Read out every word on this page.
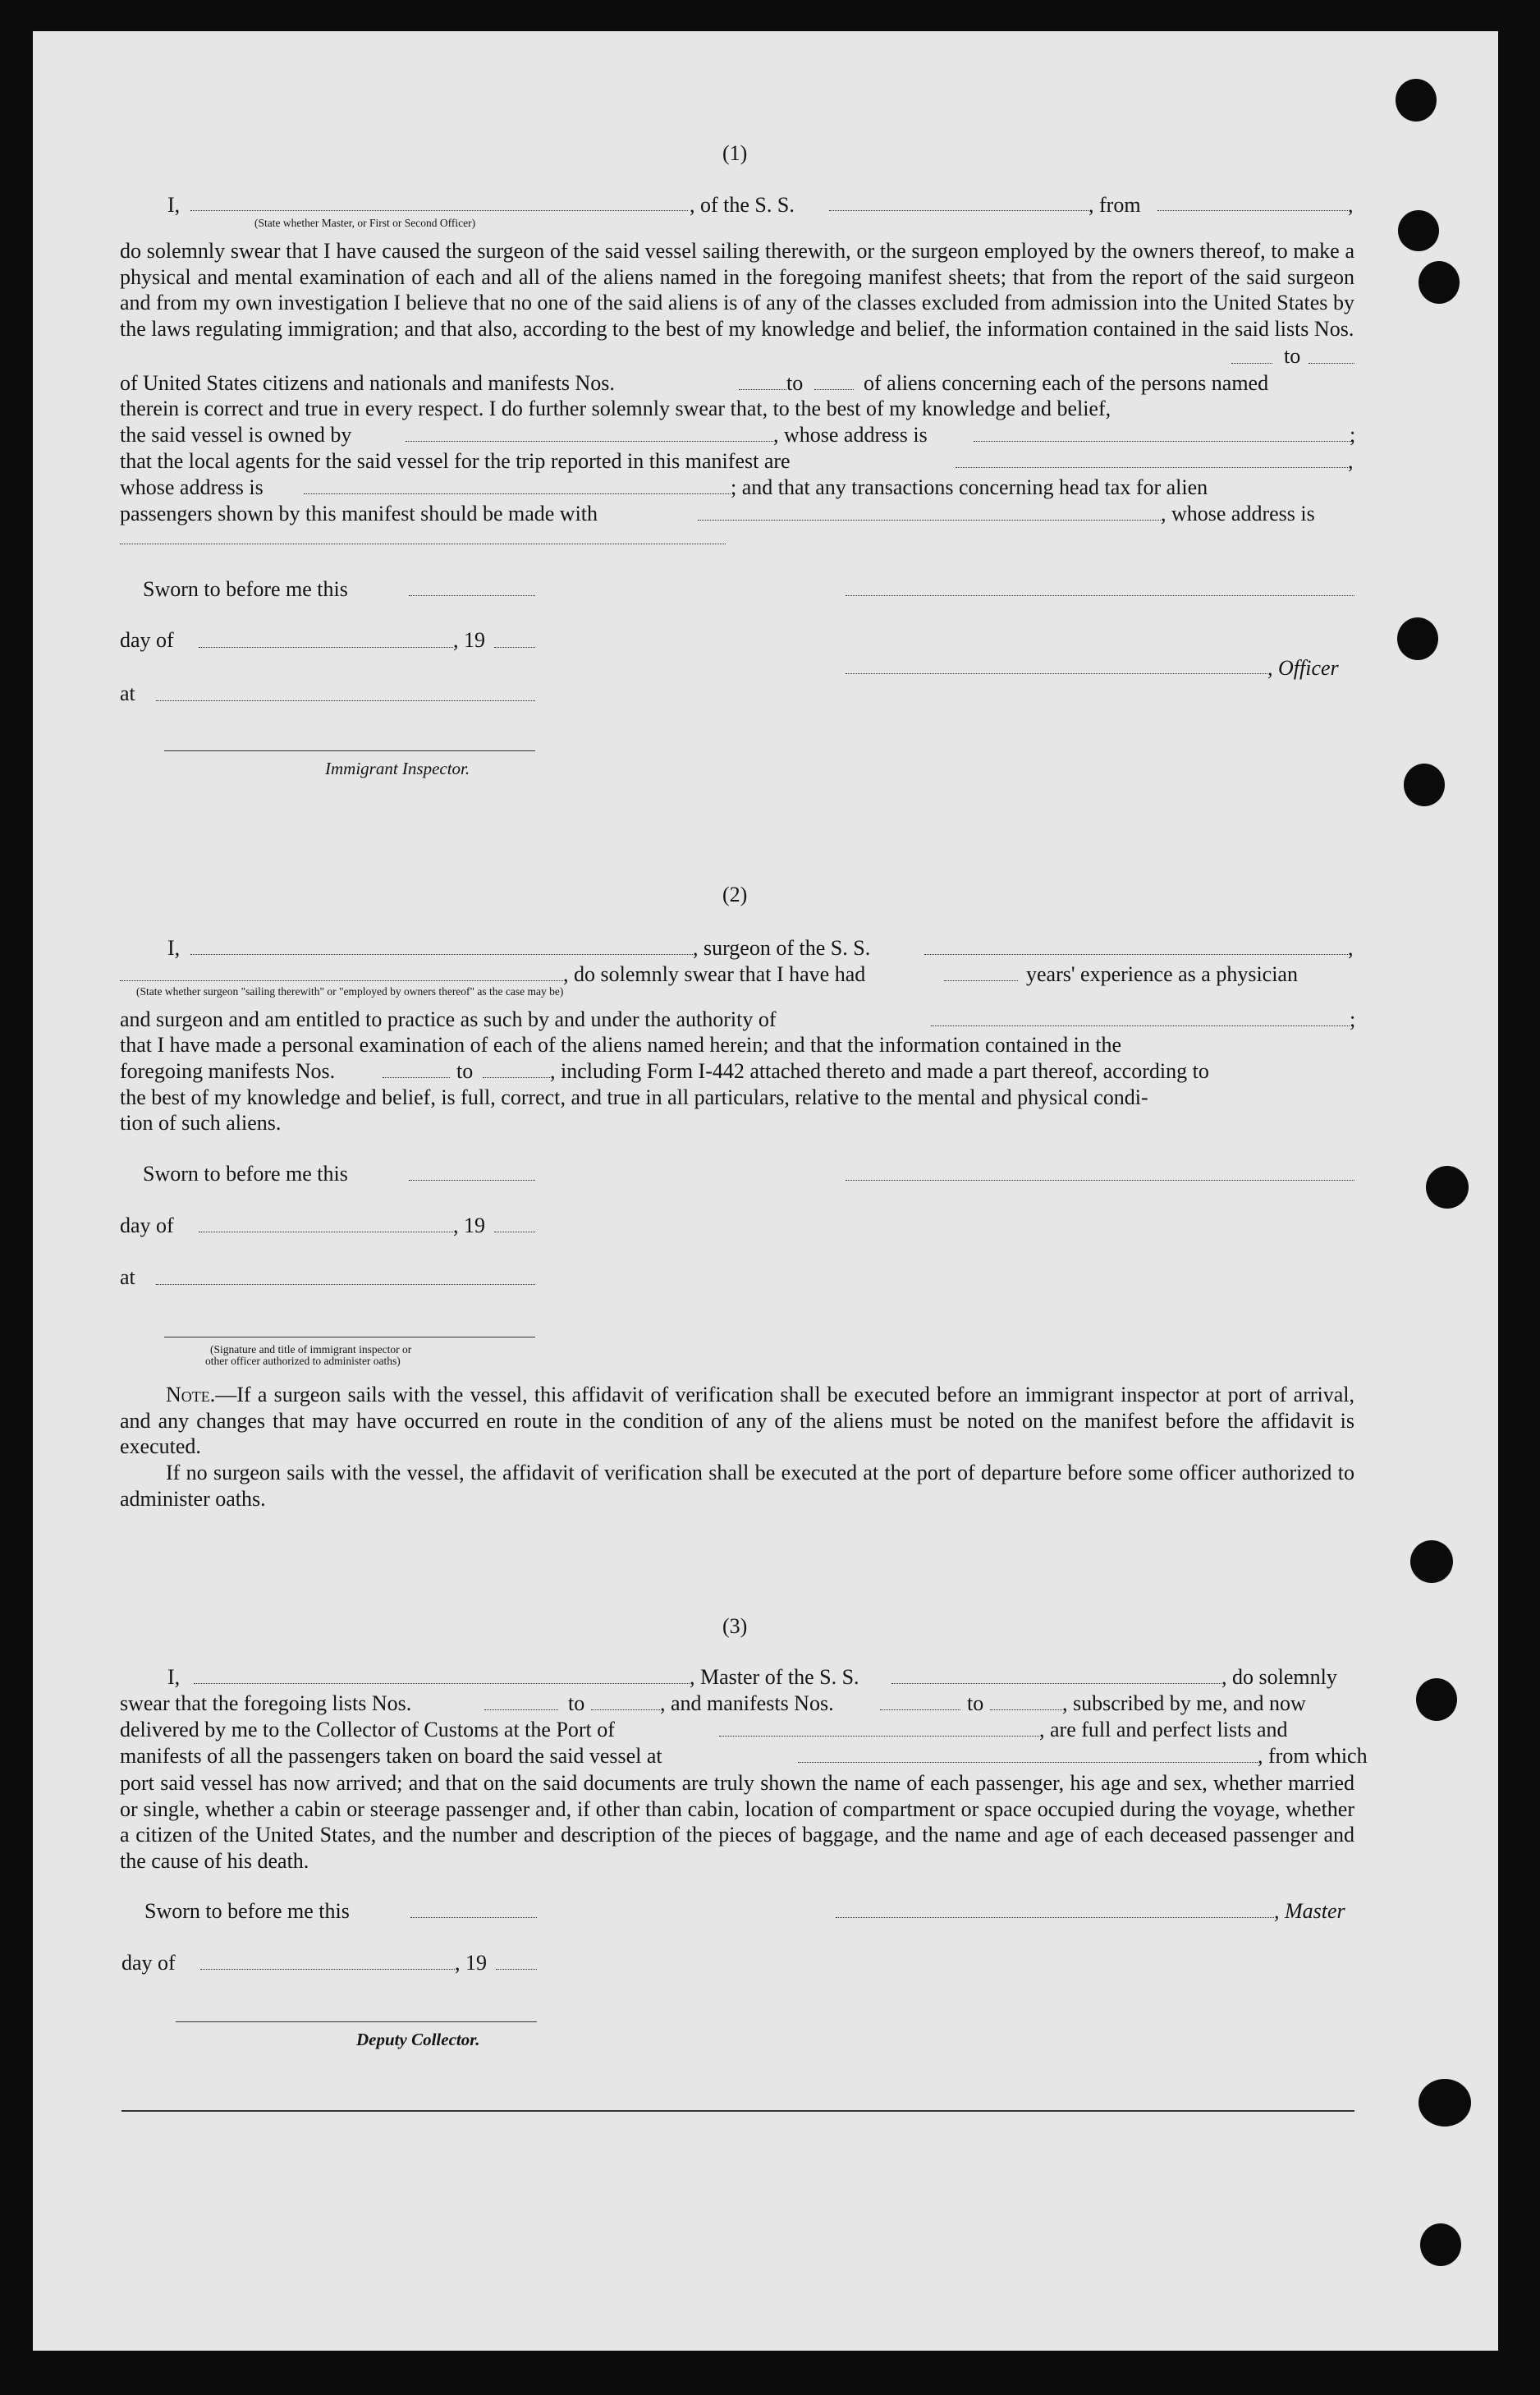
(1)
I,
(State whether Master, or First or Second Officer)
, of the S. S.	, from	,
do solemnly swear that I have caused the surgeon of the said vessel sailing therewith, or the surgeon employed by the owners thereof, to make a physical and mental examination of each and all of the aliens named in the foregoing manifest sheets; that from the report of the said surgeon and from my own investigation I believe that no one of the said aliens is of any of the classes excluded from admission into the United States by the laws regulating immigration; and that also, according to the best of my knowledge and belief, the information contained in the said lists Nos.
to
of United States citizens and nationals and manifests Nos.	to	of aliens concerning each of the persons named
therein is correct and true in every respect. I do further solemnly swear that, to the best of my knowledge and belief,
the said vessel is owned by	, whose address is	;
that the local agents for the said vessel for the trip reported in this manifest are	,
whose address is	; and that any transactions concerning head tax for alien
passengers shown by this manifest should be made with	, whose address is
Sworn to before me this
day of	, 19
, Officer
at
Immigrant Inspector.
(2)
I,	, surgeon of the S. S.	,
, do solemnly swear that I have had	years' experience as a physician
(State whether surgeon "sailing therewith" or "employed by owners thereof" as the case may be)
and surgeon and am entitled to practice as such by and under the authority of	;
that I have made a personal examination of each of the aliens named herein; and that the information contained in the
foregoing manifests Nos.	to	, including Form I-442 attached thereto and made a part thereof, according to
the best of my knowledge and belief, is full, correct, and true in all particulars, relative to the mental and physical condi-
tion of such aliens.
Sworn to before me this
day of	, 19
at
(Signature and title of immigrant inspector or
other officer authorized to administer oaths)
Note.—If a surgeon sails with the vessel, this affidavit of verification shall be executed before an immigrant inspector at port of arrival, and any changes that may have occurred en route in the condition of any of the aliens must be noted on the manifest before the affidavit is executed.
If no surgeon sails with the vessel, the affidavit of verification shall be executed at the port of departure before some officer authorized to administer oaths.
(3)
I,	, Master of the S. S.	, do solemnly
swear that the foregoing lists Nos.	to	, and manifests Nos.	to	, subscribed by me, and now
delivered by me to the Collector of Customs at the Port of	, are full and perfect lists and
manifests of all the passengers taken on board the said vessel at	, from which
port said vessel has now arrived; and that on the said documents are truly shown the name of each passenger, his age and sex, whether married or single, whether a cabin or steerage passenger and, if other than cabin, location of compartment or space occupied during the voyage, whether a citizen of the United States, and the number and description of the pieces of baggage, and the name and age of each deceased passenger and the cause of his death.
Sworn to before me this	, Master
day of	, 19
Deputy Collector.
